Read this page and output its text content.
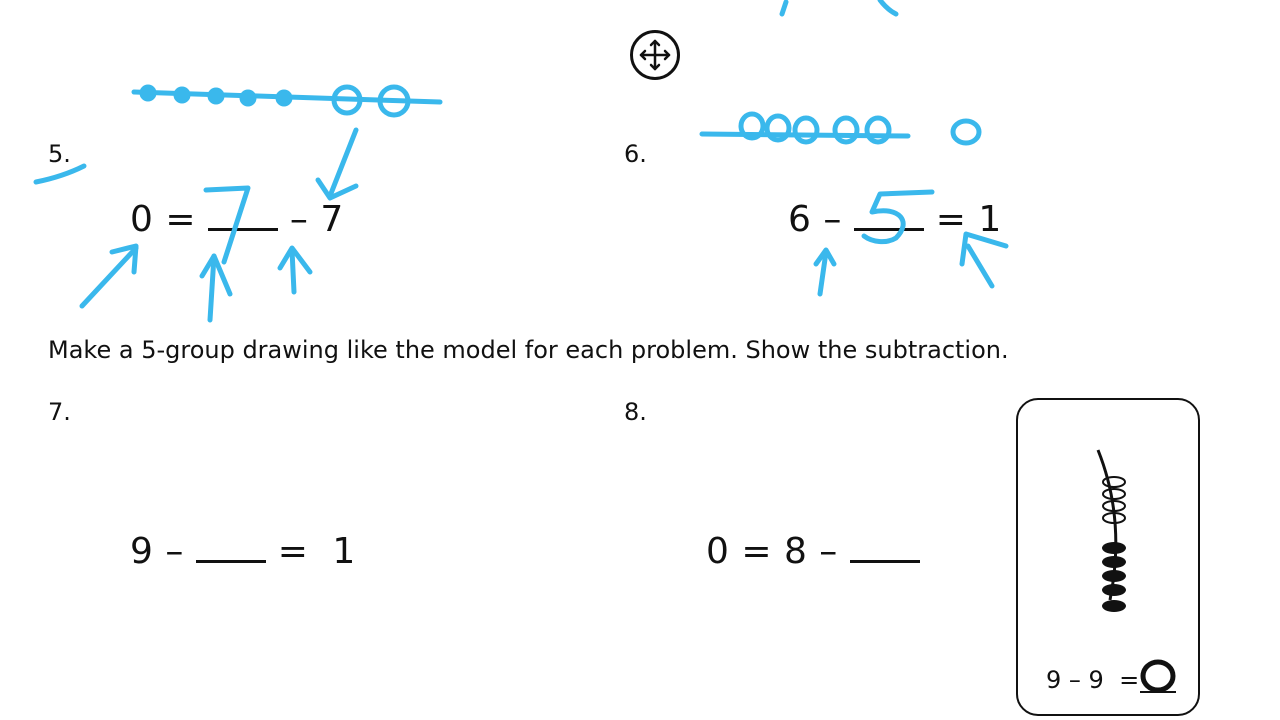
5.
0 =	– 7
6.
6 –	= 1
Make a 5-group drawing like the model for each problem. Show the subtraction.
7.
9 –	=  1
8.
0 = 8 –
9 – 9 =
